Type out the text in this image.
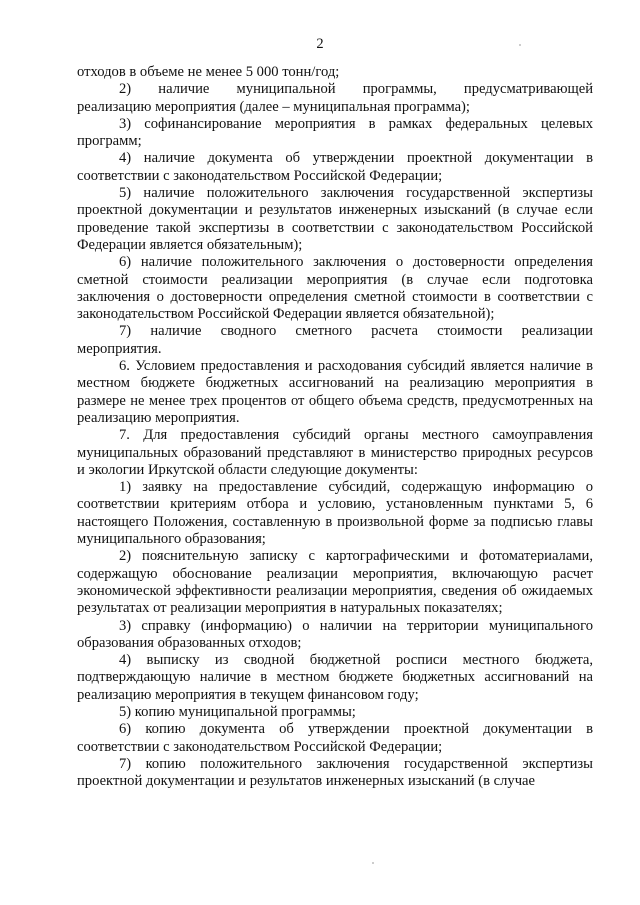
2

отходов в объеме не менее 5 000 тонн/год;

2)      наличие      муниципальной      программы,      предусматривающей реализацию мероприятия (далее – муниципальная программа);

3) софинансирование мероприятия в рамках федеральных целевых программ;

4) наличие документа об утверждении проектной документации в соответствии с законодательством Российской Федерации;

5) наличие положительного заключения государственной экспертизы проектной документации и результатов инженерных изысканий (в случае если проведение такой экспертизы в соответствии с законодательством Российской Федерации является обязательным);

6) наличие положительного заключения о достоверности определения сметной стоимости реализации мероприятия (в случае если подготовка заключения о достоверности определения сметной стоимости в соответствии с законодательством Российской Федерации является обязательной);

7)    наличие    сводного    сметного    расчета    стоимости    реализации мероприятия.

6. Условием предоставления и расходования субсидий является наличие в местном бюджете бюджетных ассигнований на реализацию мероприятия в размере не менее трех процентов от общего объема средств, предусмотренных на реализацию мероприятия.

7. Для предоставления субсидий органы местного самоуправления муниципальных образований представляют в министерство природных ресурсов и экологии Иркутской области следующие документы:

1) заявку на предоставление субсидий, содержащую информацию о соответствии критериям отбора и условию, установленным пунктами 5, 6 настоящего Положения, составленную в произвольной форме за подписью главы муниципального образования;

2) пояснительную записку с картографическими и фотоматериалами, содержащую обоснование реализации мероприятия, включающую расчет экономической эффективности реализации мероприятия, сведения об ожидаемых результатах от реализации мероприятия в натуральных показателях;

3) справку (информацию) о наличии на территории муниципального образования образованных отходов;

4) выписку из сводной бюджетной росписи местного бюджета, подтверждающую наличие в местном бюджете бюджетных ассигнований на реализацию мероприятия в текущем финансовом году;

5) копию муниципальной программы;

6) копию документа об утверждении проектной документации в соответствии с законодательством Российской Федерации;

7) копию положительного заключения государственной экспертизы проектной документации и результатов инженерных изысканий (в случае
